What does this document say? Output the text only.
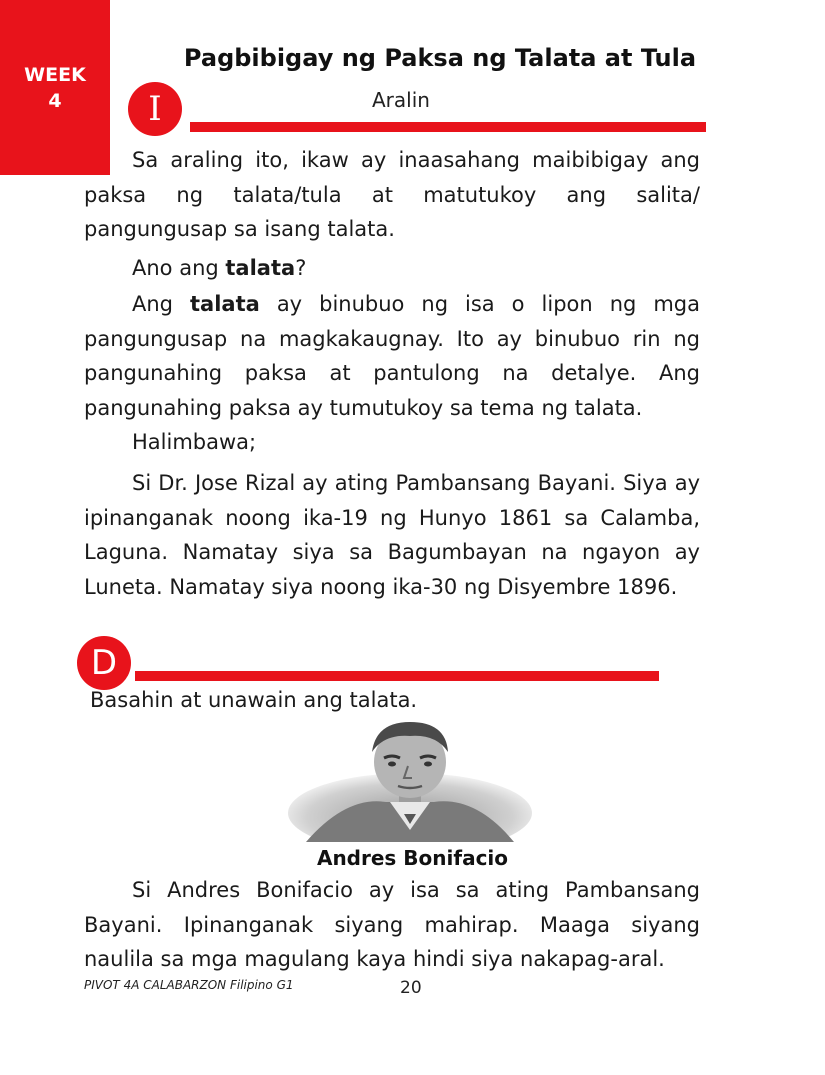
WEEK
4
Pagbibigay ng Paksa ng Talata at Tula
I	Aralin

Sa araling ito, ikaw ay inaasahang maibibigay ang paksa ng talata/tula at matutukoy ang salita/ pangungusap sa isang talata.

Ano ang talata?

Ang talata ay binubuo ng isa o lipon ng mga pangungusap na magkakaugnay. Ito ay binubuo rin ng pangunahing paksa at pantulong na detalye. Ang pangunahing paksa ay tumutukoy sa tema ng talata.

Halimbawa;

Si Dr. Jose Rizal ay ating Pambansang Bayani. Siya ay ipinanganak noong ika-19 ng Hunyo 1861 sa Calamba, Laguna. Namatay siya sa Bagumbayan na ngayon ay Luneta. Namatay siya noong ika-30 ng Disyembre 1896.

D
Basahin at unawain ang talata.
Andres Bonifacio

Si Andres Bonifacio ay isa sa ating Pambansang Bayani. Ipinanganak siyang mahirap. Maaga siyang naulila sa mga magulang kaya hindi siya nakapag-aral.

PIVOT 4A CALABARZON Filipino G1	20
